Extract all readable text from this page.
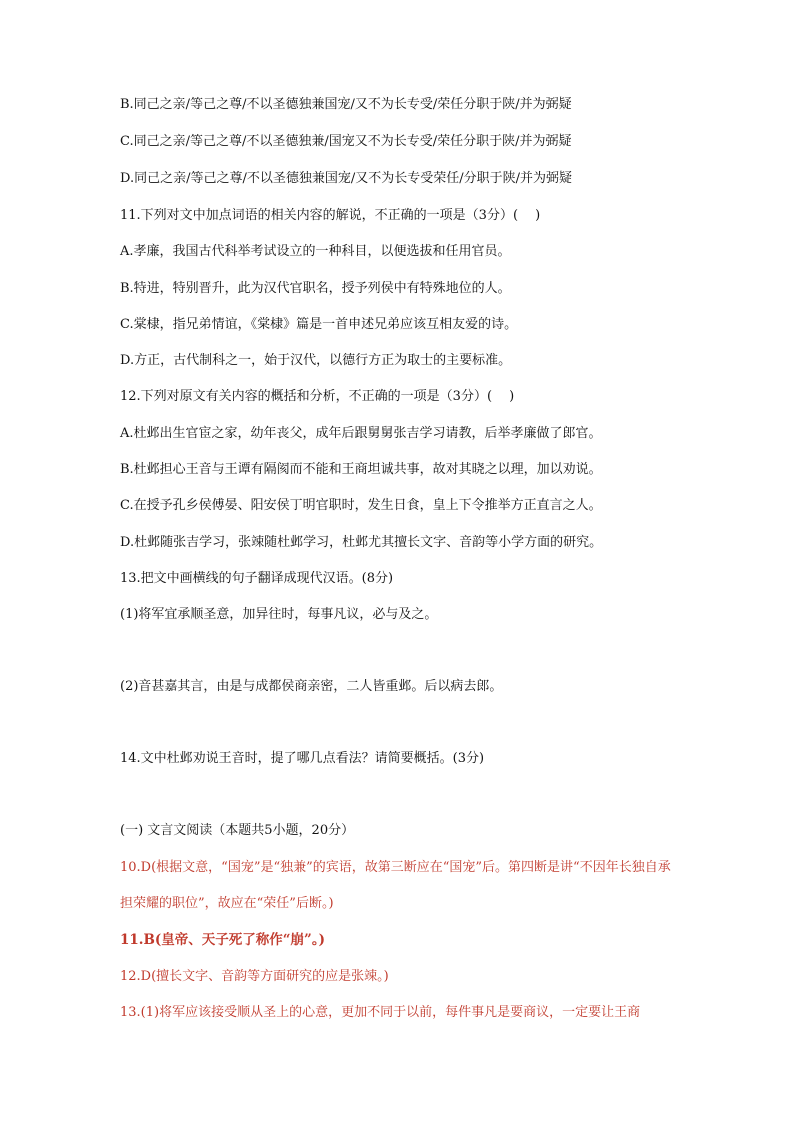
B.同己之亲/等己之尊/不以圣德独兼国宠/又不为长专受/荣任分职于陕/并为弼疑
C.同己之亲/等己之尊/不以圣德独兼/国宠又不为长专受/荣任分职于陕/并为弼疑
D.同己之亲/等己之尊/不以圣德独兼国宠/又不为长专受荣任/分职于陕/并为弼疑
11.下列对文中加点词语的相关内容的解说，不正确的一项是（3分）(　 )
A.孝廉，我国古代科举考试设立的一种科目，以便选拔和任用官员。
B.特进，特别晋升，此为汉代官职名，授予列侯中有特殊地位的人。
C.棠棣，指兄弟情谊，《棠棣》篇是一首申述兄弟应该互相友爱的诗。
D.方正，古代制科之一，始于汉代，以德行方正为取士的主要标准。
12.下列对原文有关内容的概括和分析，不正确的一项是（3分）(　 )
A.杜邺出生官宦之家，幼年丧父，成年后跟舅舅张吉学习请教，后举孝廉做了郎官。
B.杜邺担心王音与王谭有隔阂而不能和王商坦诚共事，故对其晓之以理，加以劝说。
C.在授予孔乡侯傅晏、阳安侯丁明官职时，发生日食，皇上下令推举方正直言之人。
D.杜邺随张吉学习，张竦随杜邺学习，杜邺尤其擅长文字、音韵等小学方面的研究。
13.把文中画横线的句子翻译成现代汉语。(8分)
(1)将军宜承顺圣意，加异往时，每事凡议，必与及之。
(2)音甚嘉其言，由是与成都侯商亲密，二人皆重邺。后以病去郎。
14.文中杜邺劝说王音时，提了哪几点看法？请简要概括。(3分)
(一) 文言文阅读（本题共5小题，20分）
10.D(根据文意，“国宠”是“独兼”的宾语，故第三断应在“国宠”后。第四断是讲“不因年长独自承担荣耀的职位”，故应在“荣任”后断。)
11.B(皇帝、天子死了称作“崩”。)
12.D(擅长文字、音韵等方面研究的应是张竦。)
13.(1)将军应该接受顺从圣上的心意，更加不同于以前，每件事凡是要商议，一定要让王商
